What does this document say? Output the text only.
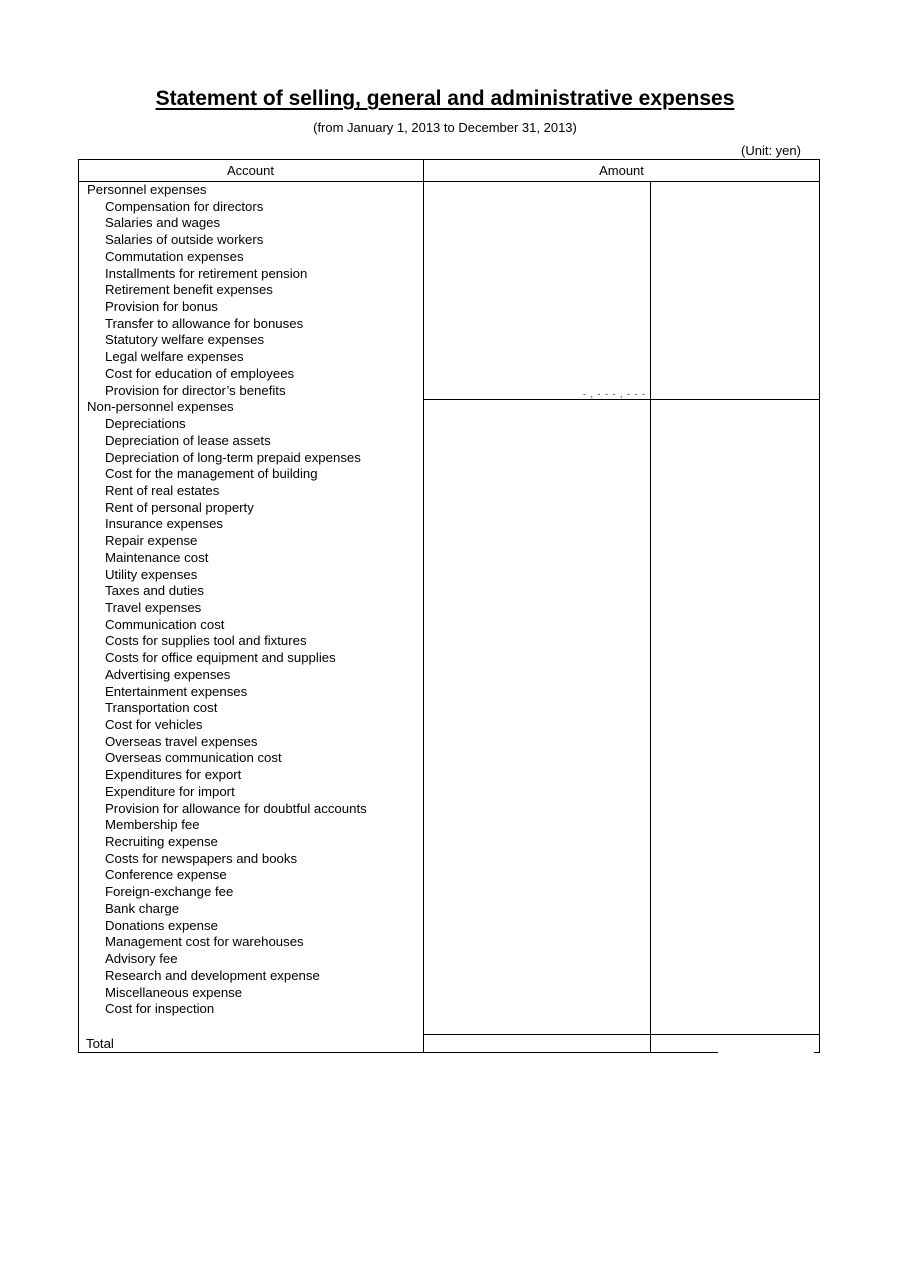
Statement of selling, general and administrative expenses
(from January 1, 2013 to December 31, 2013)
(Unit: yen)
Account	Amount
Personnel expenses
Compensation for directors
Salaries and wages
Salaries of outside workers
Commutation expenses
Installments for retirement pension
Retirement benefit expenses
Provision for bonus
Transfer to allowance for bonuses
Statutory welfare expenses
Legal welfare expenses
Cost for education of employees
Provision for director’s benefits
Non-personnel expenses
Depreciations
Depreciation of lease assets
Depreciation of long-term prepaid expenses
Cost for the management of building
Rent of real estates
Rent of personal property
Insurance expenses
Repair expense
Maintenance cost
Utility expenses
Taxes and duties
Travel expenses
Communication cost
Costs for supplies tool and fixtures
Costs for office equipment and supplies
Advertising expenses
Entertainment expenses
Transportation cost
Cost for vehicles
Overseas travel expenses
Overseas communication cost
Expenditures for export
Expenditure for import
Provision for allowance for doubtful accounts
Membership fee
Recruiting expense
Costs for newspapers and books
Conference expense
Foreign-exchange fee
Bank charge
Donations expense
Management cost for warehouses
Advisory fee
Research and development expense
Miscellaneous expense
Cost for inspection
Total
- , - - - , - - -
